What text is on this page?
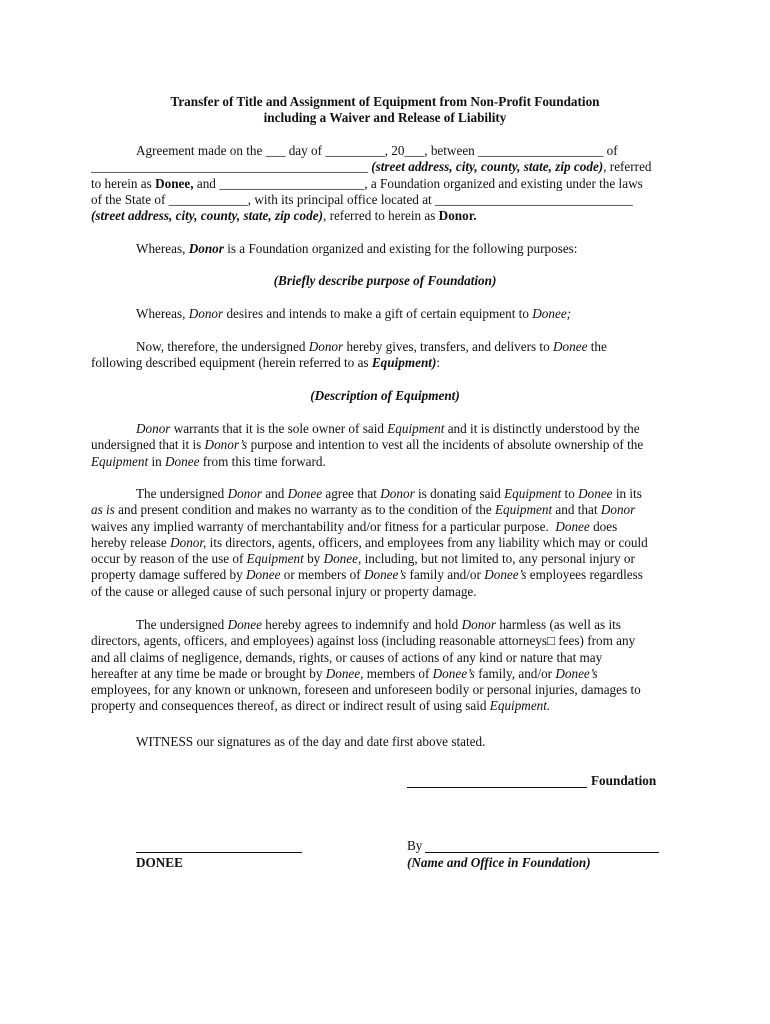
Transfer of Title and Assignment of Equipment from Non-Profit Foundation
including a Waiver and Release of Liability
Agreement made on the ___ day of _________, 20___, between ___________________ of
__________________________________________ (street address, city, county, state, zip code), referred
to herein as Donee, and ______________________, a Foundation organized and existing under the laws
of the State of ____________, with its principal office located at ______________________________
(street address, city, county, state, zip code), referred to herein as Donor.
Whereas, Donor is a Foundation organized and existing for the following purposes:
(Briefly describe purpose of Foundation)
Whereas, Donor desires and intends to make a gift of certain equipment to Donee;
Now, therefore, the undersigned Donor hereby gives, transfers, and delivers to Donee the
following described equipment (herein referred to as Equipment):
(Description of Equipment)
Donor warrants that it is the sole owner of said Equipment and it is distinctly understood by the
undersigned that it is Donor’s purpose and intention to vest all the incidents of absolute ownership of the
Equipment in Donee from this time forward.
The undersigned Donor and Donee agree that Donor is donating said Equipment to Donee in its
as is and present condition and makes no warranty as to the condition of the Equipment and that Donor
waives any implied warranty of merchantability and/or fitness for a particular purpose.  Donee does
hereby release Donor, its directors, agents, officers, and employees from any liability which may or could
occur by reason of the use of Equipment by Donee, including, but not limited to, any personal injury or
property damage suffered by Donee or members of Donee’s family and/or Donee’s employees regardless
of the cause or alleged cause of such personal injury or property damage.
The undersigned Donee hereby agrees to indemnify and hold Donor harmless (as well as its
directors, agents, officers, and employees) against loss (including reasonable attorneys□ fees) from any
and all claims of negligence, demands, rights, or causes of actions of any kind or nature that may
hereafter at any time be made or brought by Donee, members of Donee’s family, and/or Donee’s
employees, for any known or unknown, foreseen and unforeseen bodily or personal injuries, damages to
property and consequences thereof, as direct or indirect result of using said Equipment.
WITNESS our signatures as of the day and date first above stated.
Foundation
DONEE
By
(Name and Office in Foundation)
